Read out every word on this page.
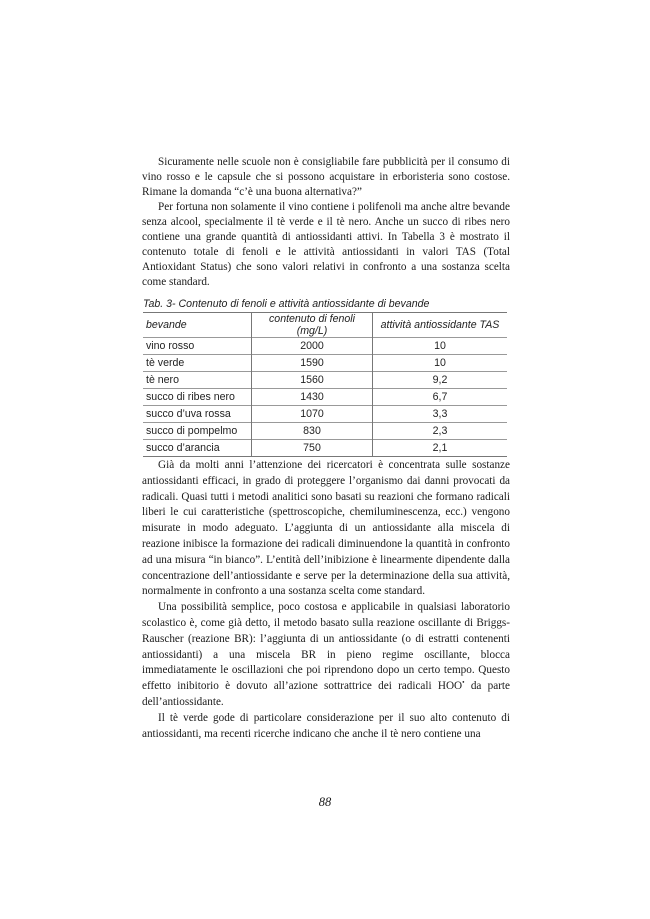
Sicuramente nelle scuole non è consigliabile fare pubblicità per il consumo di vino rosso e le capsule che si possono acquistare in erboristeria sono costose. Rimane la domanda “c’è una buona alternativa?”

Per fortuna non solamente il vino contiene i polifenoli ma anche altre bevande senza alcool, specialmente il tè verde e il tè nero. Anche un succo di ribes nero contiene una grande quantità di antiossidanti attivi. In Tabella 3 è mostrato il contenuto totale di fenoli e le attività antiossidanti in valori TAS (Total Antioxidant Status) che sono valori relativi in confronto a una sostanza scelta come standard.

Tab. 3- Contenuto di fenoli e attività antiossidante di bevande
bevande	contenuto di fenoli (mg/L)	attività antiossidante TAS
vino rosso	2000	10
tè verde	1590	10
tè nero	1560	9,2
succo di ribes nero	1430	6,7
succo d’uva rossa	1070	3,3
succo di pompelmo	830	2,3
succo d’arancia	750	2,1

Già da molti anni l’attenzione dei ricercatori è concentrata sulle sostanze antiossidanti efficaci, in grado di proteggere l’organismo dai danni provocati da radicali. Quasi tutti i metodi analitici sono basati su reazioni che formano radicali liberi le cui caratteristiche (spettroscopiche, chemiluminescenza, ecc.) vengono misurate in modo adeguato. L’aggiunta di un antiossidante alla miscela di reazione inibisce la formazione dei radicali diminuendone la quantità in confronto ad una misura “in bianco”. L’entità dell’inibizione è linearmente dipendente dalla concentrazione dell’antiossidante e serve per la determinazione della sua attività, normalmente in confronto a una sostanza scelta come standard.

Una possibilità semplice, poco costosa e applicabile in qualsiasi laboratorio scolastico è, come già detto, il metodo basato sulla reazione oscillante di Briggs-Rauscher (reazione BR): l’aggiunta di un antiossidante (o di estratti contenenti antiossidanti) a una miscela BR in pieno regime oscillante, blocca immediatamente le oscillazioni che poi riprendono dopo un certo tempo. Questo effetto inibitorio è dovuto all’azione sottrattrice dei radicali HOO• da parte dell’antiossidante.

Il tè verde gode di particolare considerazione per il suo alto contenuto di antiossidanti, ma recenti ricerche indicano che anche il tè nero contiene una

88
